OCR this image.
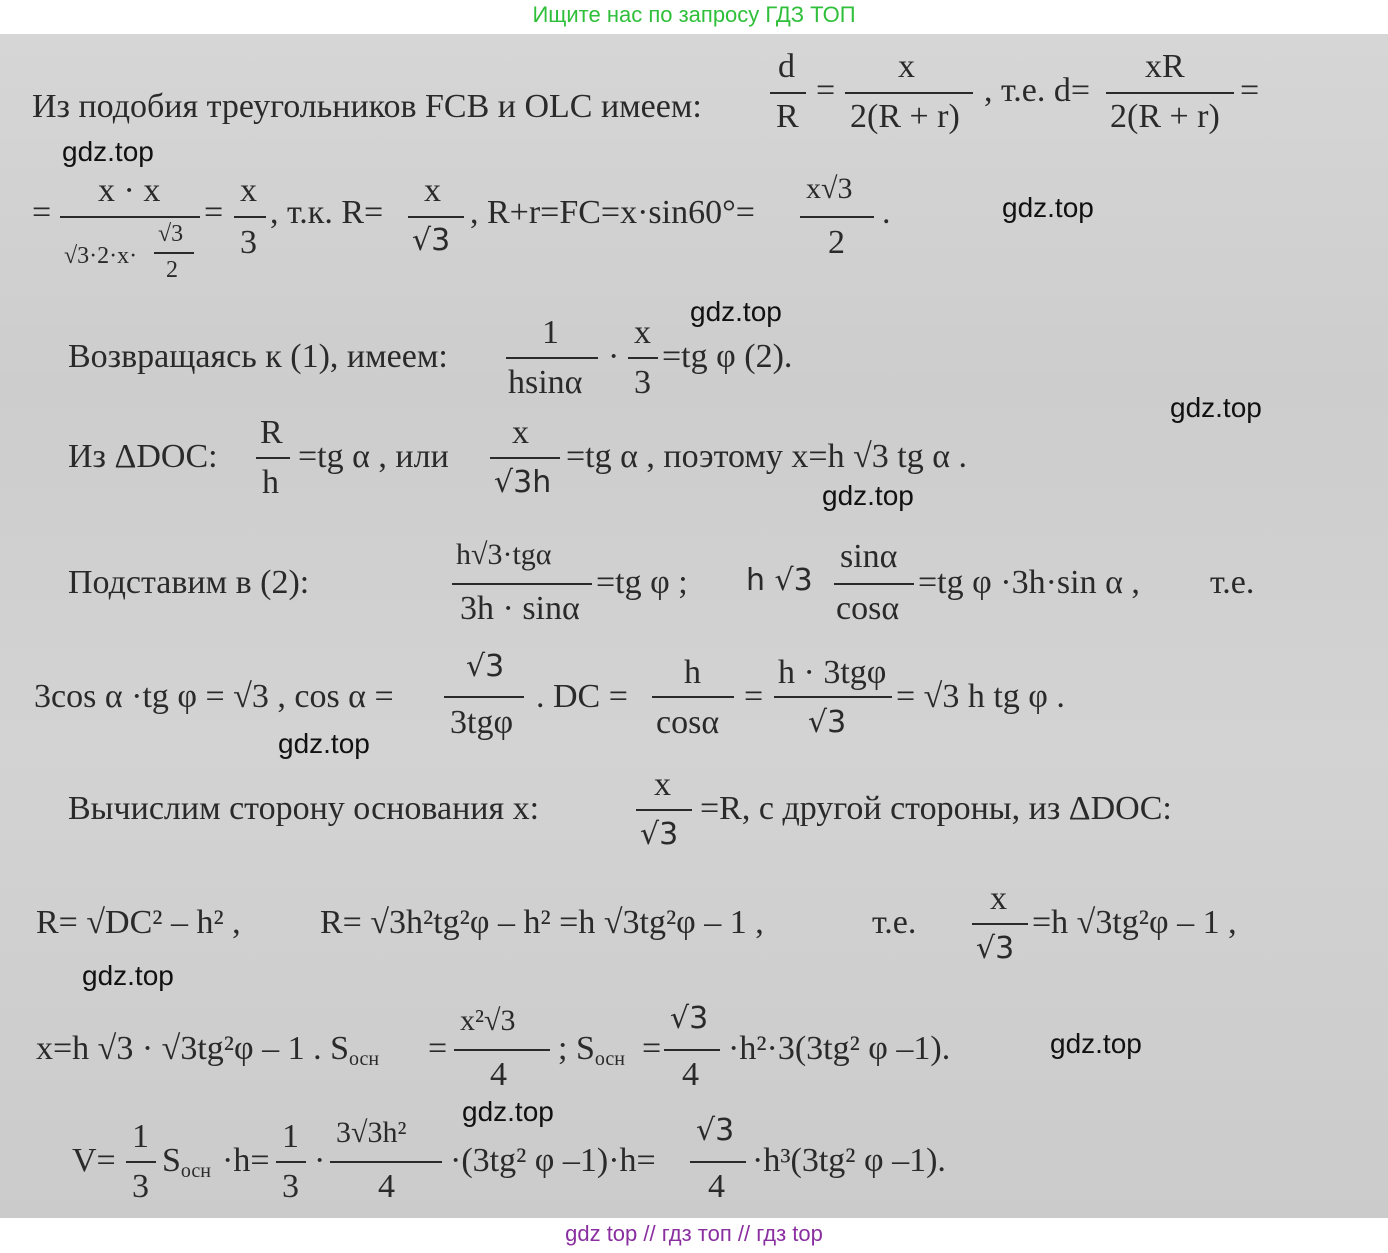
Ищите нас по запросу ГДЗ ТОП
Из подобия треугольников FCB и OLC имеем:
d
R
=
x
2(R + r)
, т.е. d=
xR
2(R + r)
=
=
x · x
√3·2·x·
√3
2
=
x
3
, т.к. R=
x
√3
, R+r=FC=x·sin60°=
x√3
2
.
Возвращаясь к (1), имеем:
1
hsinα
·
x
3
=tg φ (2).
Из ΔDOC:
R
h
=tg α , или
x
√3h
=tg α , поэтому x=h √3 tg α .
Подставим в (2):
h√3·tgα
3h · sinα
=tg φ ; h √3
sinα
cosα
=tg φ ·3h·sin α , т.е.
3cos α ·tg φ = √3 , cos α =
√3
3tgφ
. DC =
h
cosα
=
h · 3tgφ
√3
= √3 h tg φ .
Вычислим сторону основания x:
x
√3
=R, с другой стороны, из ΔDOC:
R= √DC² – h² , R= √3h²tg²φ – h² =h √3tg²φ – 1 ,	т.е.
x
√3
=h √3tg²φ – 1 ,
x=h √3 · √3tg²φ – 1 . $S_{осн}$ =
x²√3
4
; $S_{осн}$ =
√3
4
·h²·3(3tg² φ –1).
V=
1
3
$S_{осн} \cdot h=$
1
3
·
3√3h²
4
·(3tg² φ –1)·h=
√3
4
·h³(3tg² φ –1).
gdz.top
gdz.top
gdz.top
gdz.top
gdz.top
gdz.top
gdz.top
gdz.top
gdz.top
gdz top // гдз топ // гдз top
